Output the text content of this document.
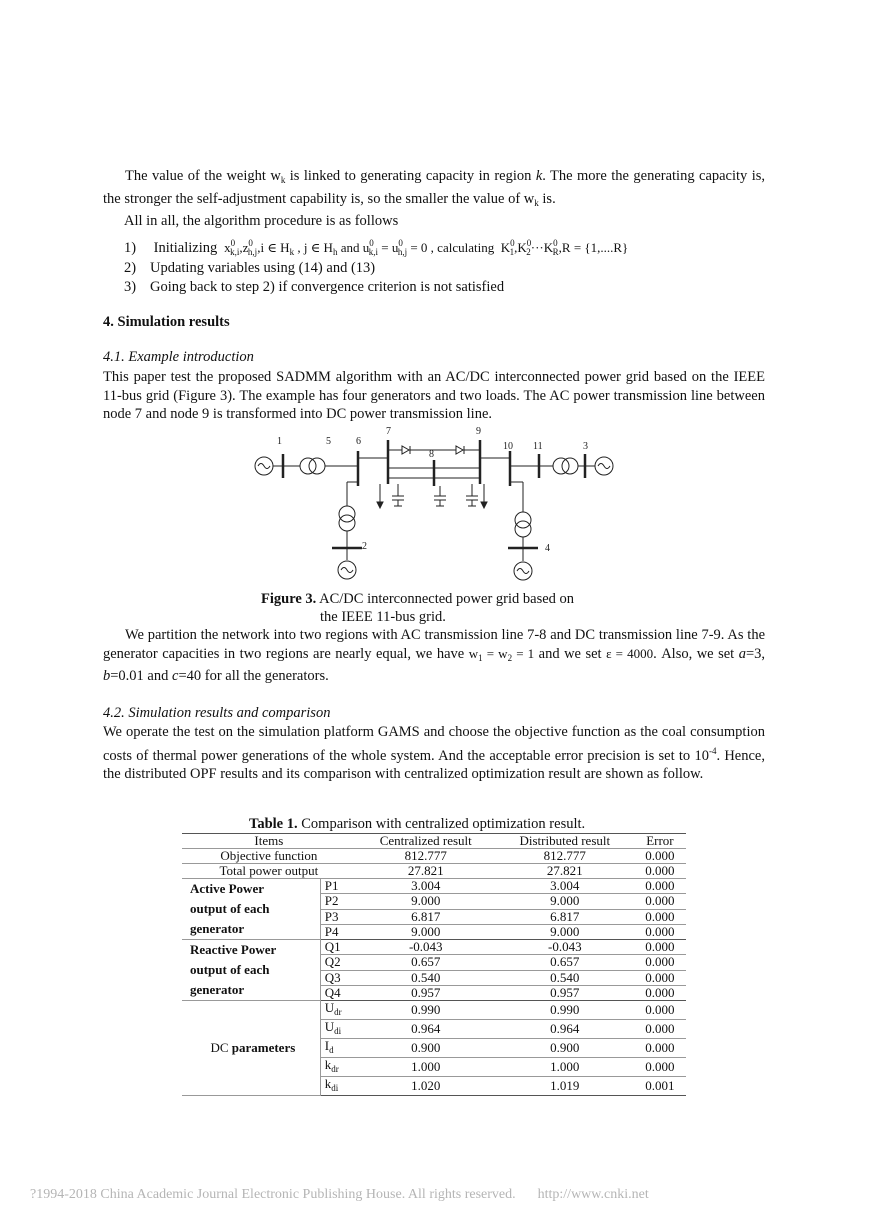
The value of the weight $w_k$ is linked to generating capacity in region k. The more the generating capacity is, the stronger the self-adjustment capability is, so the smaller the value of $w_k$ is.
All in all, the algorithm procedure is as follows
1) Initializing  $x^0_{k,i},z^0_{h,j},i$ ∈ $H_k$ , j ∈ $H_h$ and $u^0_{k,i} = u^0_{h,j} = 0$ , calculating  $K^0_1,K^0_2\cdot\cdot\cdot K^0_R,R = \{1,....R\}$
2) Updating variables using (14) and (13)
3) Going back to step 2) if convergence criterion is not satisfied
4. Simulation results
4.1. Example introduction
This paper test the proposed SADMM algorithm with an AC/DC interconnected power grid based on the IEEE 11-bus grid (Figure 3). The example has four generators and two loads. The AC power transmission line between node 7 and node 9 is transformed into DC power transmission line.
1	5	6
7
8
9
10 11	3
2	4
Figure 3. AC/DC interconnected power grid based on
the IEEE 11-bus grid.
We partition the network into two regions with AC transmission line 7-8 and DC transmission line 7-9. As the generator capacities in two regions are nearly equal, we have $w_1 = w_2 = 1$ and we set ε = 4000. Also, we set a=3, b=0.01 and c=40 for all the generators.
4.2. Simulation results and comparison
We operate the test on the simulation platform GAMS and choose the objective function as the coal consumption costs of thermal power generations of the whole system. And the acceptable error precision is set to $10^{-4}$. Hence, the distributed OPF results and its comparison with centralized optimization result are shown as follow.
Table 1. Comparison with centralized optimization result.
Items		Centralized result	Distributed result	Error
Objective function		812.777	812.777	0.000
Total power output		27.821	27.821	0.000
Active Power
output of each
generator	P1	3.004	3.004	0.000
	P2	9.000	9.000	0.000
	P3	6.817	6.817	0.000
	P4	9.000	9.000	0.000
Reactive Power
output of each
generator	Q1	-0.043	-0.043	0.000
	Q2	0.657	0.657	0.000
	Q3	0.540	0.540	0.000
	Q4	0.957	0.957	0.000
DC parameters	$U_{dr}$	0.990	0.990	0.000
	$U_{di}$	0.964	0.964	0.000
	$I_d$	0.900	0.900	0.000
	$k_{dr}$	1.000	1.000	0.000
	$k_{di}$	1.020	1.019	0.001
?1994-2018 China Academic Journal Electronic Publishing House. All rights reserved. http://www.cnki.net
